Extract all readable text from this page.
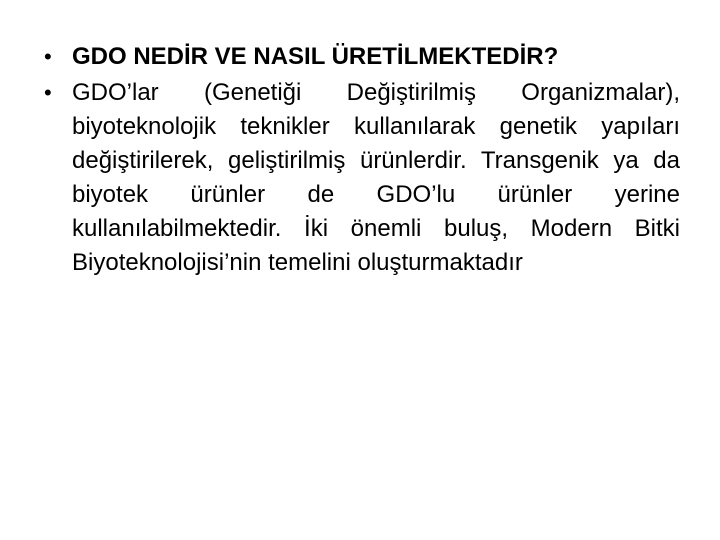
• GDO NEDİR VE NASIL ÜRETİLMEKTEDİR?
• GDO’lar (Genetiği Değiştirilmiş Organizmalar), biyoteknolojik teknikler kullanılarak genetik yapıları değiştirilerek, geliştirilmiş ürünlerdir. Transgenik ya da biyotek ürünler de GDO’lu ürünler yerine kullanılabilmektedir. İki önemli buluş, Modern Bitki Biyoteknolojisi’nin temelini oluşturmaktadır
